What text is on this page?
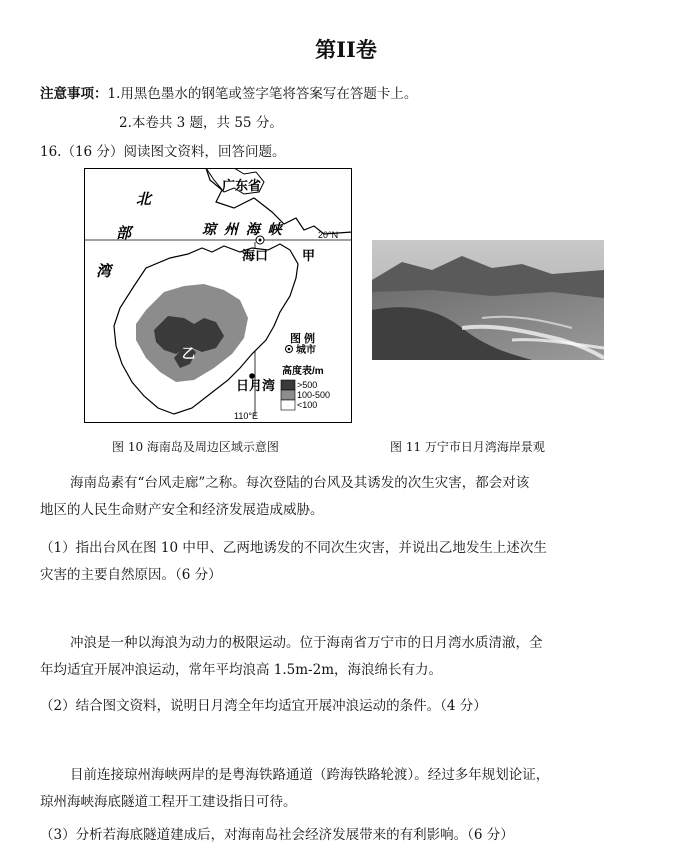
第II卷
注意事项：1.用黑色墨水的钢笔或签字笔将答案写在答题卡上。
2.本卷共 3 题，共 55 分。
16.（16 分）阅读图文资料，回答问题。
北
部
湾
琼 州 海 峡
广东省
海口	甲
乙
日月湾
图 例
城市
高度表/m
20°N
110°E
>500
100-500
<100
图 10 海南岛及周边区域示意图	图 11 万宁市日月湾海岸景观
海南岛素有“台风走廊”之称。每次登陆的台风及其诱发的次生灾害，都会对该
地区的人民生命财产安全和经济发展造成威胁。
（1）指出台风在图 10 中甲、乙两地诱发的不同次生灾害，并说出乙地发生上述次生
灾害的主要自然原因。（6 分）
冲浪是一种以海浪为动力的极限运动。位于海南省万宁市的日月湾水质清澈，全
年均适宜开展冲浪运动，常年平均浪高 1.5m-2m，海浪绵长有力。
（2）结合图文资料，说明日月湾全年均适宜开展冲浪运动的条件。（4 分）
目前连接琼州海峡两岸的是粤海铁路通道（跨海铁路轮渡）。经过多年规划论证，
琼州海峡海底隧道工程开工建设指日可待。
（3）分析若海底隧道建成后，对海南岛社会经济发展带来的有利影响。（6 分）
